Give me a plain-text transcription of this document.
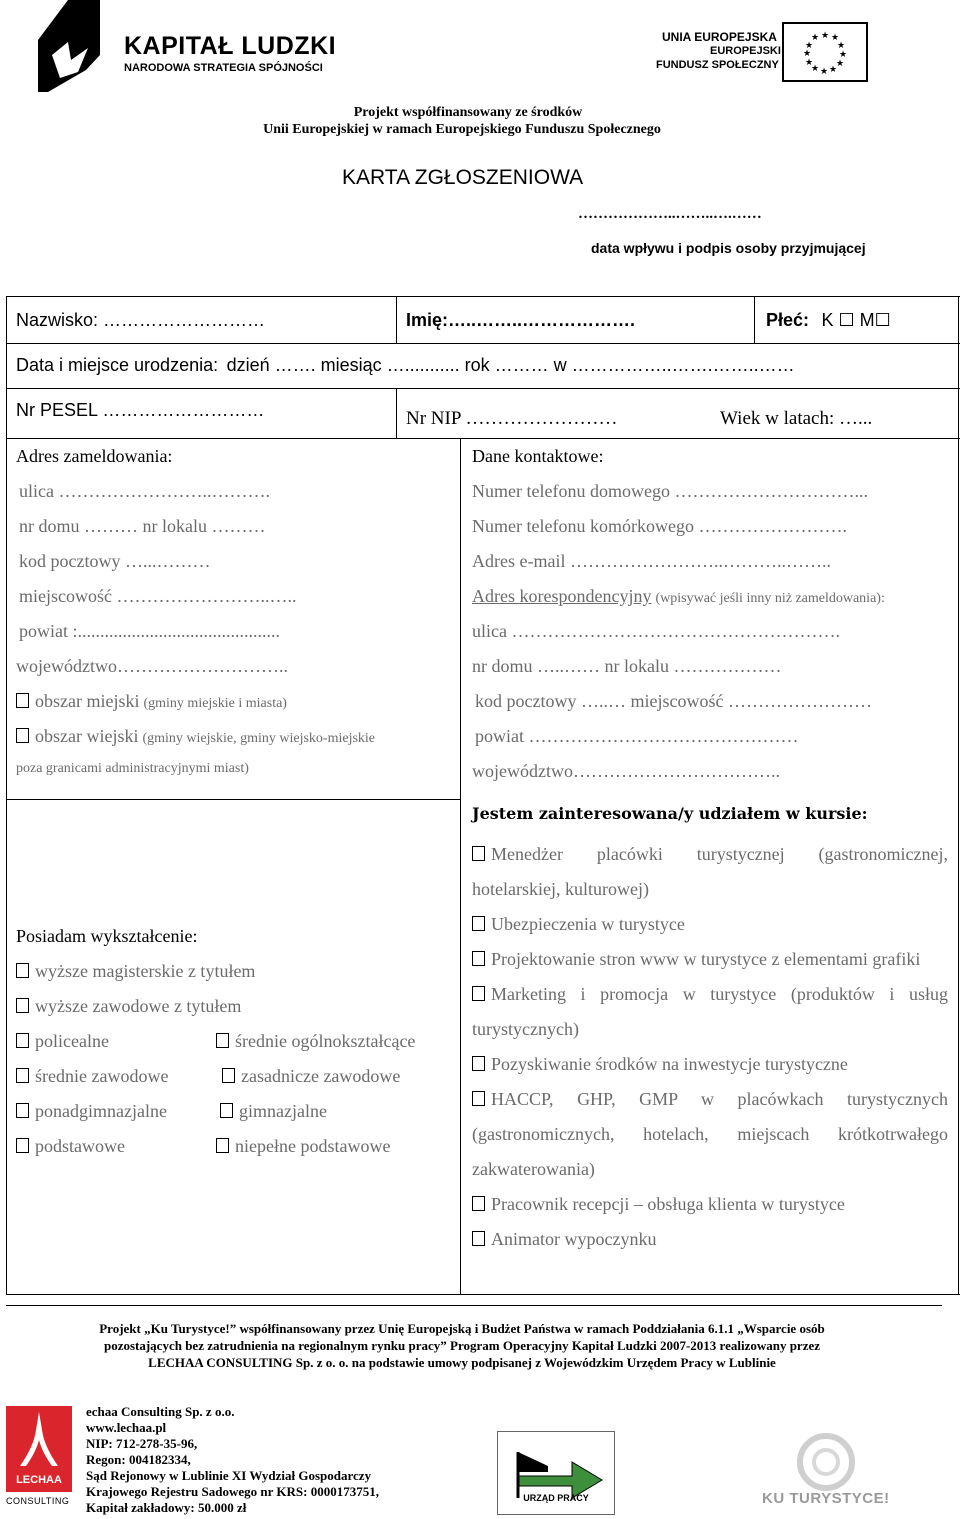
KAPITAŁ LUDZKI
NARODOWA STRATEGIA SPÓJNOŚCI
UNIA EUROPEJSKA
EUROPEJSKI
FUNDUSZ SPOŁECZNY
★ ★
★
★
★
★
★
★
★
★
★
★
Projekt współfinansowany ze środków
Unii Europejskiej w ramach Europejskiego Funduszu Społecznego
KARTA ZGŁOSZENIOWA
………………..……..….……
data wpływu i podpis osoby przyjmującej
Nazwisko: ………………………	Imię:…..……..……………….	Płeć: K ☐ M☐
Data i miejsce urodzenia: dzień ……. miesiąc …........... rok ……… w ……………..…….……..……
Nr PESEL ………………………	Nr NIP ……………………	Wiek w latach: …...
Adres zameldowania:
ulica ……………………..……….
nr domu ……… nr lokalu ………
kod pocztowy …...………
miejscowość ……………………..…..
powiat :.............................................
województwo………………………..
obszar miejski (gminy miejskie i miasta)
obszar wiejski (gminy wiejskie, gminy wiejsko-miejskie
poza granicami administracyjnymi miast)
Dane kontaktowe:
Numer telefonu domowego …………………………...
Numer telefonu komórkowego …………………….
Adres e-mail ……………………..………..……..
Adres korespondencyjny (wpisywać jeśli inny niż zameldowania):
ulica ……………………………………………….
nr domu …..…… nr lokalu ………………
kod pocztowy …..… miejscowość ……………………
powiat ………………………………………
województwo……………………………..
Posiadam wykształcenie:
wyższe magisterskie z tytułem
wyższe zawodowe z tytułem
policealne	średnie ogólnokształcące
średnie zawodowe	zasadnicze zawodowe
ponadgimnazjalne	gimnazjalne
podstawowe	niepełne podstawowe
Jestem zainteresowana/y udziałem w kursie:
Menedżer placówki turystycznej (gastronomicznej, hotelarskiej, kulturowej)
Ubezpieczenia w turystyce
Projektowanie stron www w turystyce z elementami grafiki
Marketing i promocja w turystyce (produktów i usług turystycznych)
Pozyskiwanie środków na inwestycje turystyczne
HACCP, GHP, GMP w placówkach turystycznych (gastronomicznych, hotelach, miejscach krótkotrwałego zakwaterowania)
Pracownik recepcji – obsługa klienta w turystyce
Animator wypoczynku
Projekt „Ku Turystyce!” współfinansowany przez Unię Europejską i Budżet Państwa w ramach Poddziałania 6.1.1 „Wsparcie osób
pozostających bez zatrudnienia na regionalnym rynku pracy” Program Operacyjny Kapitał Ludzki 2007-2013 realizowany przez
LECHAA CONSULTING Sp. z o. o. na podstawie umowy podpisanej z Wojewódzkim Urzędem Pracy w Lublinie
LECHAA
CONSULTING
echaa Consulting Sp. z o.o.
www.lechaa.pl
NIP: 712-278-35-96,
Regon: 004182334,
Sąd Rejonowy w Lublinie XI Wydział Gospodarczy
Krajowego Rejestru Sadowego nr KRS: 0000173751,
Kapitał zakładowy: 50.000 zł
URZĄD PRACY	KU TURYSTYCE!
